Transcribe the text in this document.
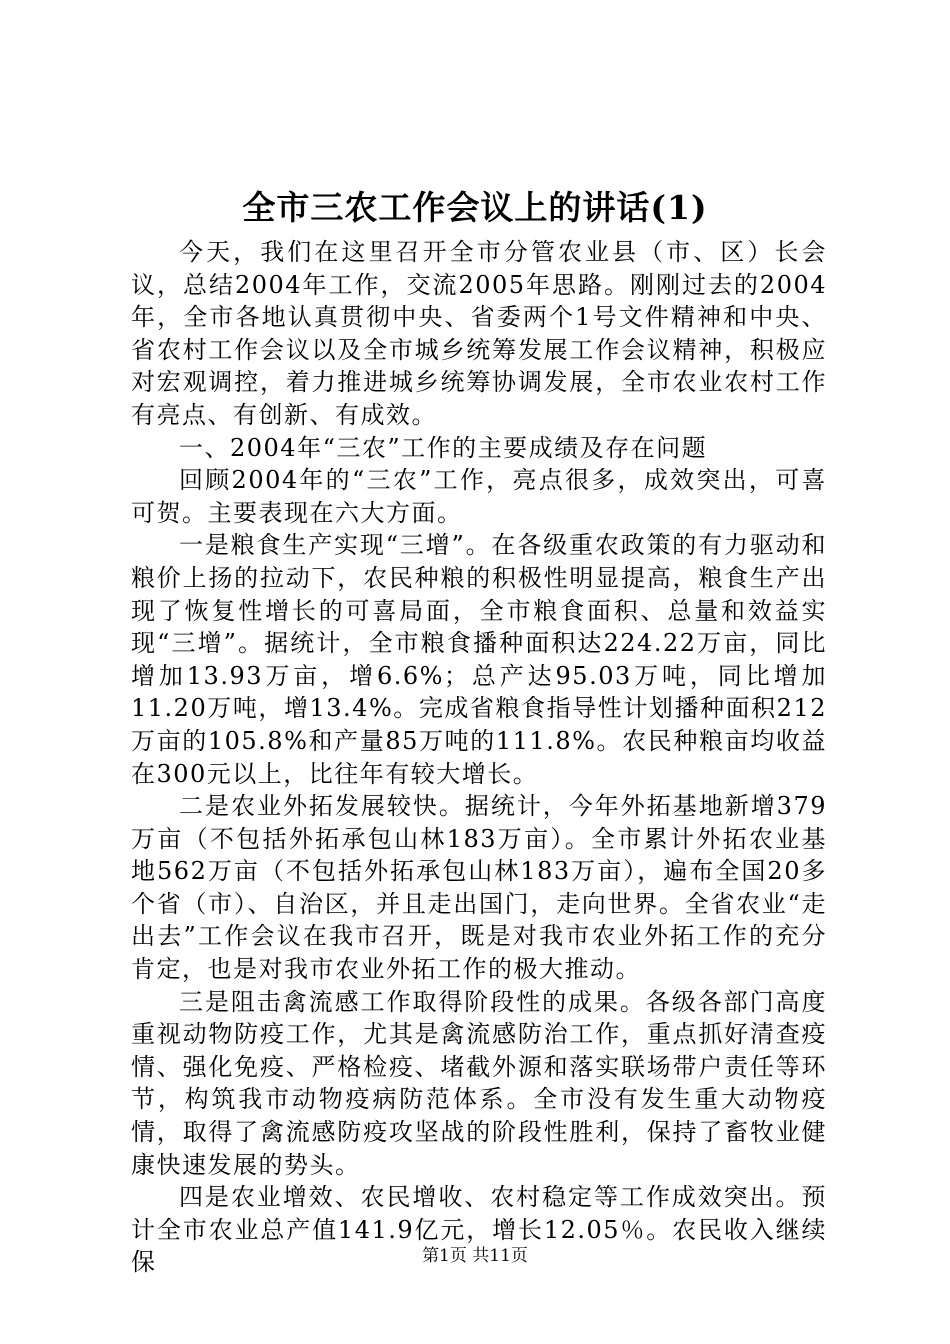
全市三农工作会议上的讲话(1)

今天，我们在这里召开全市分管农业县（市、区）长会议，总结2004年工作，交流2005年思路。刚刚过去的2004年，全市各地认真贯彻中央、省委两个1号文件精神和中央、省农村工作会议以及全市城乡统筹发展工作会议精神，积极应对宏观调控，着力推进城乡统筹协调发展，全市农业农村工作有亮点、有创新、有成效。

一、2004年“三农”工作的主要成绩及存在问题

回顾2004年的“三农”工作，亮点很多，成效突出，可喜可贺。主要表现在六大方面。

一是粮食生产实现“三增”。在各级重农政策的有力驱动和粮价上扬的拉动下，农民种粮的积极性明显提高，粮食生产出现了恢复性增长的可喜局面，全市粮食面积、总量和效益实现“三增”。据统计，全市粮食播种面积达224.22万亩，同比增加13.93万亩，增6.6%；总产达95.03万吨，同比增加11.20万吨，增13.4%。完成省粮食指导性计划播种面积212万亩的105.8%和产量85万吨的111.8%。农民种粮亩均收益在300元以上，比往年有较大增长。

二是农业外拓发展较快。据统计，今年外拓基地新增379万亩（不包括外拓承包山林183万亩）。全市累计外拓农业基地562万亩（不包括外拓承包山林183万亩），遍布全国20多个省（市）、自治区，并且走出国门，走向世界。全省农业“走出去”工作会议在我市召开，既是对我市农业外拓工作的充分肯定，也是对我市农业外拓工作的极大推动。

三是阻击禽流感工作取得阶段性的成果。各级各部门高度重视动物防疫工作，尤其是禽流感防治工作，重点抓好清查疫情、强化免疫、严格检疫、堵截外源和落实联场带户责任等环节，构筑我市动物疫病防范体系。全市没有发生重大动物疫情，取得了禽流感防疫攻坚战的阶段性胜利，保持了畜牧业健康快速发展的势头。

四是农业增效、农民增收、农村稳定等工作成效突出。预计全市农业总产值141.9亿元，增长12.05％。农民收入继续保	第1页 共11页
